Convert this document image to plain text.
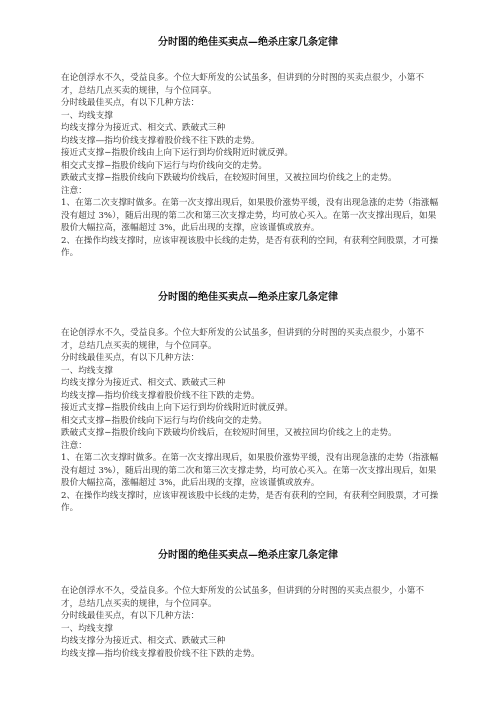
分时图的绝佳买卖点—绝杀庄家几条定律

在论创浮水不久，受益良多。个位大虾所发的公试虽多，但讲到的分时图的买卖点很少，小第不才，总结几点买卖的规律，与个位同享。

分时线最佳买点，有以下几种方法：

一、均线支撑

均线支撑分为接近式、相交式、跌破式三种

均线支撑—指均价线支撑着股价线不往下跌的走势。

接近式支撑−指股价线由上向下运行到均价线附近时就反弹。

相交式支撑−指股价线向下运行与均价线向交的走势。

跌破式支撑−指股价线向下跌破均价线后，在较短时间里，又被拉回均价线之上的走势。

注意：

1、在第二次支撑时做多。在第一次支撑出现后，如果股价涨势平缓，没有出现急涨的走势（指涨幅没有超过 3%），随后出现的第二次和第三次支撑走势，均可放心买入。在第一次支撑出现后，如果股价大幅拉高，涨幅超过 3%，此后出现的支撑，应该谨慎或放弃。

2、在操作均线支撑时，应该审视该股中长线的走势，是否有获利的空间，有获利空间股票，才可操作。

分时图的绝佳买卖点—绝杀庄家几条定律

在论创浮水不久，受益良多。个位大虾所发的公试虽多，但讲到的分时图的买卖点很少，小第不才，总结几点买卖的规律，与个位同享。

分时线最佳买点，有以下几种方法：

一、均线支撑

均线支撑分为接近式、相交式、跌破式三种

均线支撑—指均价线支撑着股价线不往下跌的走势。

接近式支撑−指股价线由上向下运行到均价线附近时就反弹。

相交式支撑−指股价线向下运行与均价线向交的走势。

跌破式支撑−指股价线向下跌破均价线后，在较短时间里，又被拉回均价线之上的走势。

注意：

1、在第二次支撑时做多。在第一次支撑出现后，如果股价涨势平缓，没有出现急涨的走势（指涨幅没有超过 3%），随后出现的第二次和第三次支撑走势，均可放心买入。在第一次支撑出现后，如果股价大幅拉高，涨幅超过 3%，此后出现的支撑，应该谨慎或放弃。

2、在操作均线支撑时，应该审视该股中长线的走势，是否有获利的空间，有获利空间股票，才可操作。

分时图的绝佳买卖点—绝杀庄家几条定律

在论创浮水不久，受益良多。个位大虾所发的公试虽多，但讲到的分时图的买卖点很少，小第不才，总结几点买卖的规律，与个位同享。

分时线最佳买点，有以下几种方法：

一、均线支撑

均线支撑分为接近式、相交式、跌破式三种

均线支撑—指均价线支撑着股价线不往下跌的走势。
